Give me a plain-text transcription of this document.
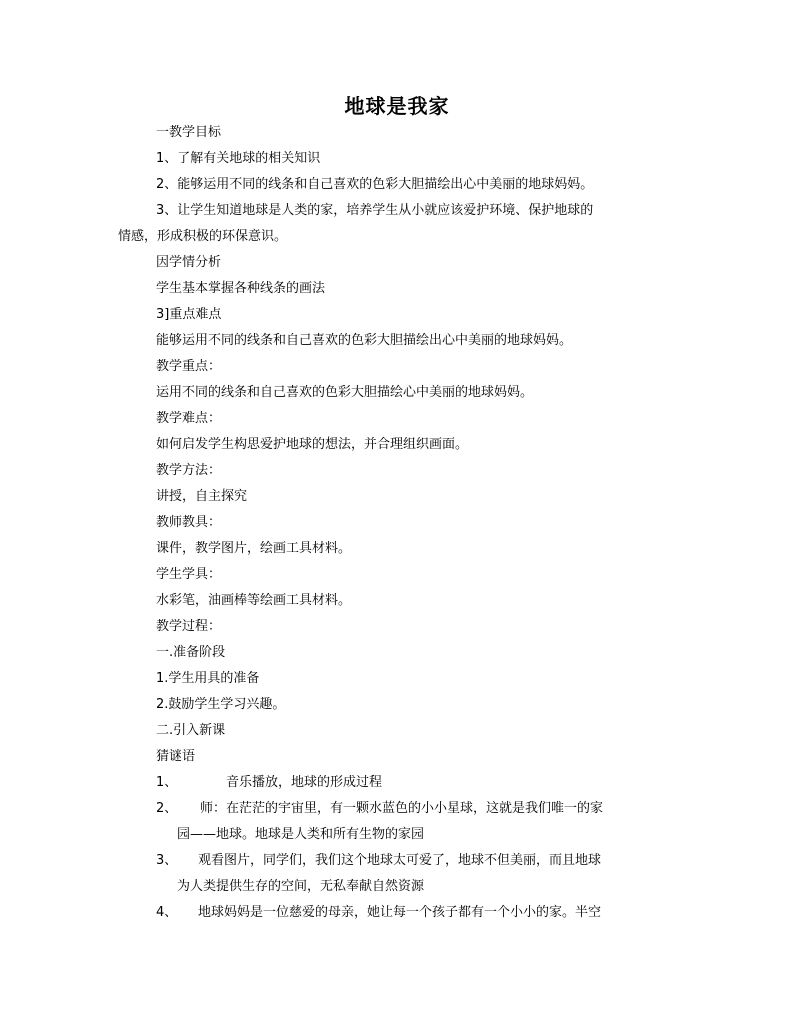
地球是我家
一教学目标
1、了解有关地球的相关知识
2、能够运用不同的线条和自己喜欢的色彩大胆描绘出心中美丽的地球妈妈。
3、让学生知道地球是人类的家，培养学生从小就应该爱护环境、保护地球的
情感，形成积极的环保意识。
因学情分析
学生基本掌握各种线条的画法
3]重点难点
能够运用不同的线条和自己喜欢的色彩大胆描绘出心中美丽的地球妈妈。
教学重点：
运用不同的线条和自己喜欢的色彩大胆描绘心中美丽的地球妈妈。
教学难点：
如何启发学生构思爱护地球的想法，并合理组织画面。
教学方法：
讲授，自主探究
教师教具：
课件，教学图片，绘画工具材料。
学生学具：
水彩笔，油画棒等绘画工具材料。
教学过程：
一.准备阶段
1.学生用具的准备
2.鼓励学生学习兴趣。
二.引入新课
猜谜语
1、	音乐播放，地球的形成过程
2、 师：在茫茫的宇宙里，有一颗水蓝色的小小星球，这就是我们唯一的家
园——地球。地球是人类和所有生物的家园
3、 观看图片，同学们，我们这个地球太可爱了，地球不但美丽，而且地球
为人类提供生存的空间，无私奉献自然资源
4、 地球妈妈是一位慈爱的母亲，她让每一个孩子都有一个小小的家。半空
